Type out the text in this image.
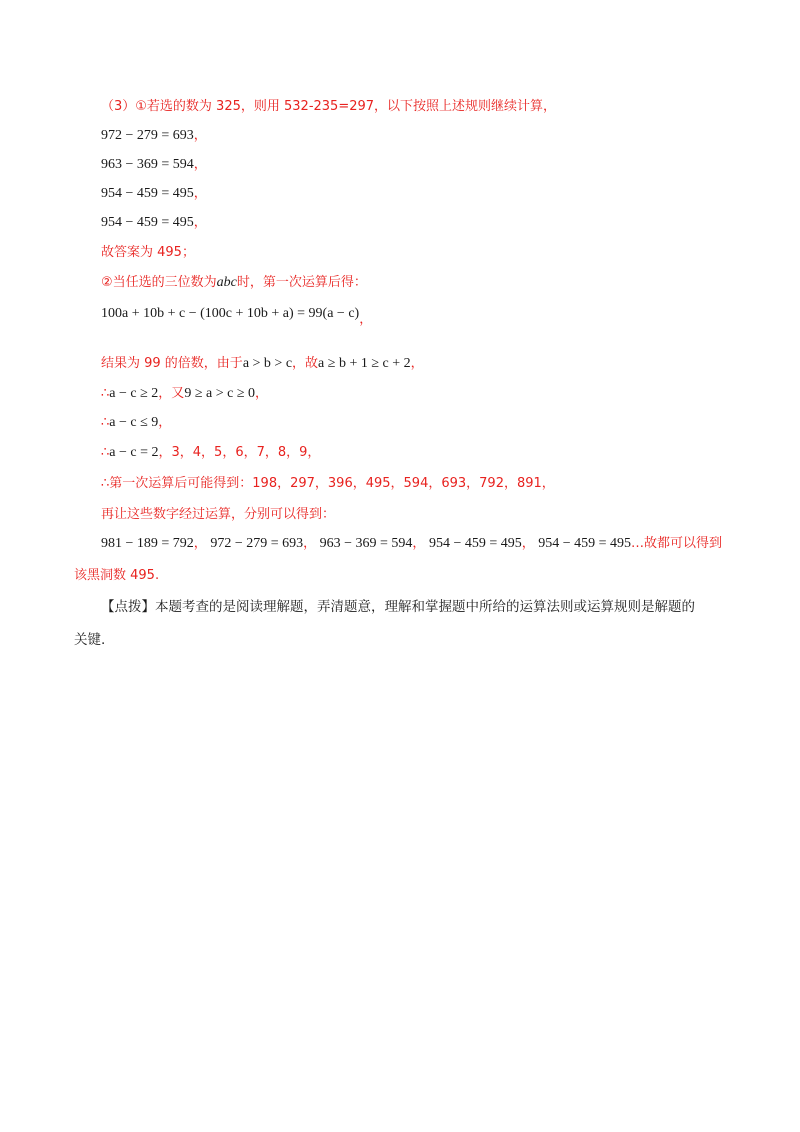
（3）①若选的数为 325，则用 532-235=297，以下按照上述规则继续计算，
972 − 279 = 693，
963 − 369 = 594，
954 − 459 = 495，
954 − 459 = 495，
故答案为 495；
②当任选的三位数为abc时，第一次运算后得：
100a + 10b + c − (100c + 10b + a) = 99(a − c)，
结果为 99 的倍数，由于a > b > c，故a ≥ b + 1 ≥ c + 2，
∴a − c ≥ 2，又9 ≥ a > c ≥ 0，
∴a − c ≤ 9，
∴a − c = 2，3，4，5，6，7，8，9，
∴第一次运算后可能得到：198，297，396，495，594，693，792，891，
再让这些数字经过运算，分别可以得到：
981 − 189 = 792， 972 − 279 = 693， 963 − 369 = 594， 954 − 459 = 495， 954 − 459 = 495…故都可以得到
该黑洞数 495.
【点拨】本题考查的是阅读理解题，弄清题意，理解和掌握题中所给的运算法则或运算规则是解题的
关键.
